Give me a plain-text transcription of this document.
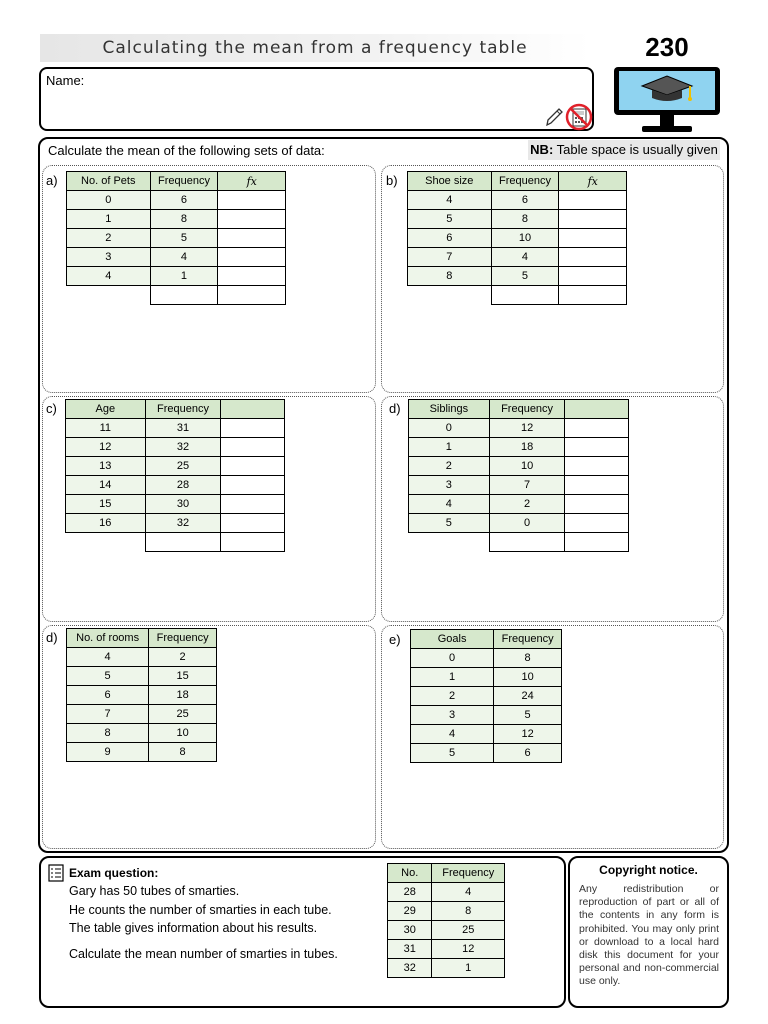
Calculating the mean from a frequency table	230
Name:
Calculate the mean of the following sets of data:	NB: Table space is usually given
a)	b)
c)	d)
d)	e)
No. of Pets	Frequency	𝑓𝑥
0	6	
1	8	
2	5	
3	4	
4	1	

Shoe size	Frequency	𝑓𝑥
4	6	
5	8	
6	10	
7	4	
8	5	

Age	Frequency	
11	31	
12	32	
13	25	
14	28	
15	30	
16	32	

Siblings	Frequency	
0	12	
1	18	
2	10	
3	7	
4	2	
5	0	

No. of rooms	Frequency
4	2
5	15
6	18
7	25
8	10
9	8
Goals	Frequency
0	8
1	10
2	24
3	5
4	12
5	6
Exam question:
Gary has 50 tubes of smarties.
He counts the number of smarties in each tube.
The table gives information about his results.
Calculate the mean number of smarties in tubes.
No.	Frequency
28	4
29	8
30	25
31	12
32	1
Copyright notice.
Any redistribution or reproduction of part or all of the contents in any form is prohibited. You may only print or download to a local hard disk this document for your personal and non-commercial use only.
